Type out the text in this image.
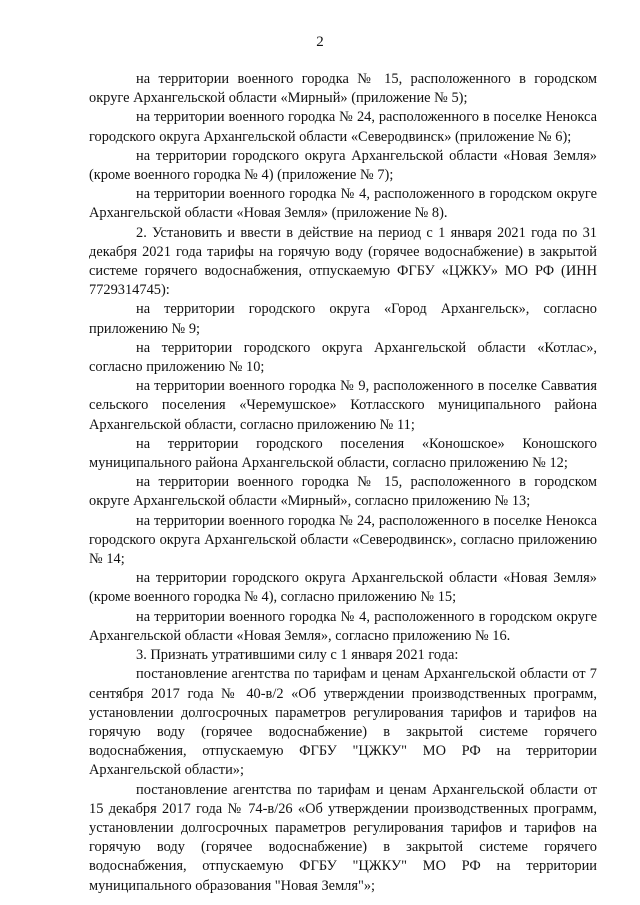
2

на территории военного городка № 15, расположенного в городском округе Архангельской области «Мирный» (приложение № 5);

на территории военного городка № 24, расположенного в поселке Ненокса городского округа Архангельской области «Северодвинск» (приложение № 6);

на территории городского округа Архангельской области «Новая Земля» (кроме военного городка № 4) (приложение № 7);

на территории военного городка № 4, расположенного в городском округе Архангельской области «Новая Земля» (приложение № 8).

2. Установить и ввести в действие на период с 1 января 2021 года по 31 декабря 2021 года тарифы на горячую воду (горячее водоснабжение) в закрытой системе горячего водоснабжения, отпускаемую ФГБУ «ЦЖКУ» МО РФ (ИНН 7729314745):

на территории городского округа «Город Архангельск», согласно приложению № 9;

на территории городского округа Архангельской области «Котлас», согласно приложению № 10;

на территории военного городка № 9, расположенного в поселке Савватия сельского поселения «Черемушское» Котласского муниципального района Архангельской области, согласно приложению № 11;

на территории городского поселения «Коношское» Коношского муниципального района Архангельской области, согласно приложению № 12;

на территории военного городка № 15, расположенного в городском округе Архангельской области «Мирный», согласно приложению № 13;

на территории военного городка № 24, расположенного в поселке Ненокса городского округа Архангельской области «Северодвинск», согласно приложению № 14;

на территории городского округа Архангельской области «Новая Земля» (кроме военного городка № 4), согласно приложению № 15;

на территории военного городка № 4, расположенного в городском округе Архангельской области «Новая Земля», согласно приложению № 16.

3. Признать утратившими силу с 1 января 2021 года:

постановление агентства по тарифам и ценам Архангельской области от 7 сентября 2017 года № 40-в/2 «Об утверждении производственных программ, установлении долгосрочных параметров регулирования тарифов и тарифов на горячую воду (горячее водоснабжение) в закрытой системе горячего водоснабжения, отпускаемую ФГБУ "ЦЖКУ" МО РФ на территории Архангельской области»;

постановление агентства по тарифам и ценам Архангельской области от 15 декабря 2017 года № 74-в/26 «Об утверждении производственных программ, установлении долгосрочных параметров регулирования тарифов и тарифов на горячую воду (горячее водоснабжение) в закрытой системе горячего водоснабжения, отпускаемую ФГБУ "ЦЖКУ" МО РФ на территории муниципального образования "Новая Земля"»;
